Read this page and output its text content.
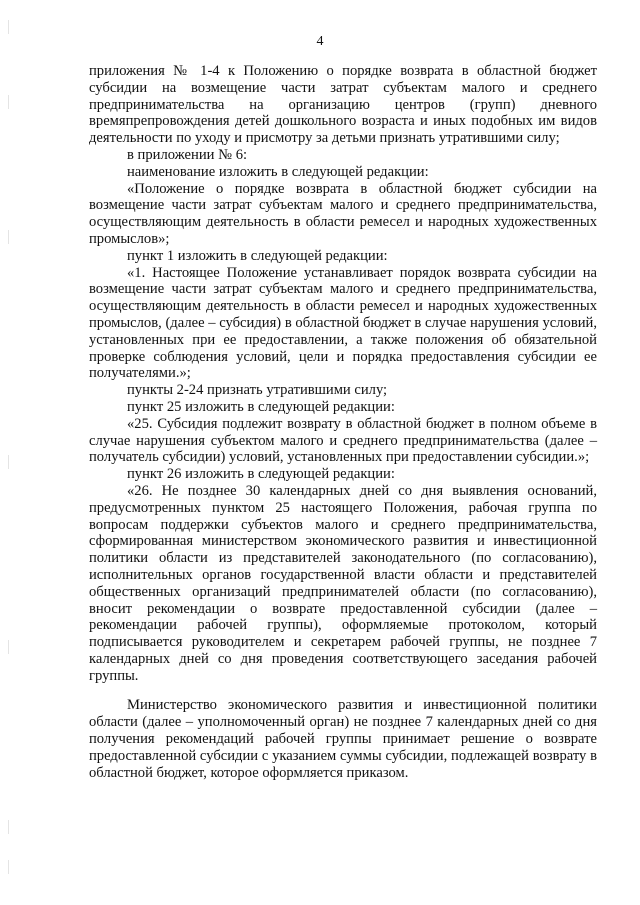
4

приложения № 1-4 к Положению о порядке возврата в областной бюджет субсидии на возмещение части затрат субъектам малого и среднего предпринимательства на организацию центров (групп) дневного времяпрепровождения детей дошкольного возраста и иных подобных им видов деятельности по уходу и присмотру за детьми признать утратившими силу;

в приложении № 6:

наименование изложить в следующей редакции:

«Положение о порядке возврата в областной бюджет субсидии на возмещение части затрат субъектам малого и среднего предпринимательства, осуществляющим деятельность в области ремесел и народных художественных промыслов»;

пункт 1 изложить в следующей редакции:

«1. Настоящее Положение устанавливает порядок возврата субсидии на возмещение части затрат субъектам малого и среднего предпринимательства, осуществляющим деятельность в области ремесел и народных художественных промыслов, (далее – субсидия) в областной бюджет в случае нарушения условий, установленных при ее предоставлении, а также положения об обязательной проверке соблюдения условий, цели и порядка предоставления субсидии ее получателями.»;

пункты 2-24 признать утратившими силу;

пункт 25 изложить в следующей редакции:

«25. Субсидия подлежит возврату в областной бюджет в полном объеме в случае нарушения субъектом малого и среднего предпринимательства (далее – получатель субсидии) условий, установленных при предоставлении субсидии.»;

пункт 26 изложить в следующей редакции:

«26. Не позднее 30 календарных дней со дня выявления оснований, предусмотренных пунктом 25 настоящего Положения, рабочая группа по вопросам поддержки субъектов малого и среднего предпринимательства, сформированная министерством экономического развития и инвестиционной политики области из представителей законодательного (по согласованию), исполнительных органов государственной власти области и представителей общественных организаций предпринимателей области (по согласованию), вносит рекомендации о возврате предоставленной субсидии (далее – рекомендации рабочей группы), оформляемые протоколом, который подписывается руководителем и секретарем рабочей группы, не позднее 7 календарных дней со дня проведения соответствующего заседания рабочей группы.

Министерство экономического развития и инвестиционной политики области (далее – уполномоченный орган) не позднее 7 календарных дней со дня получения рекомендаций рабочей группы принимает решение о возврате предоставленной субсидии с указанием суммы субсидии, подлежащей возврату в областной бюджет, которое оформляется приказом.
